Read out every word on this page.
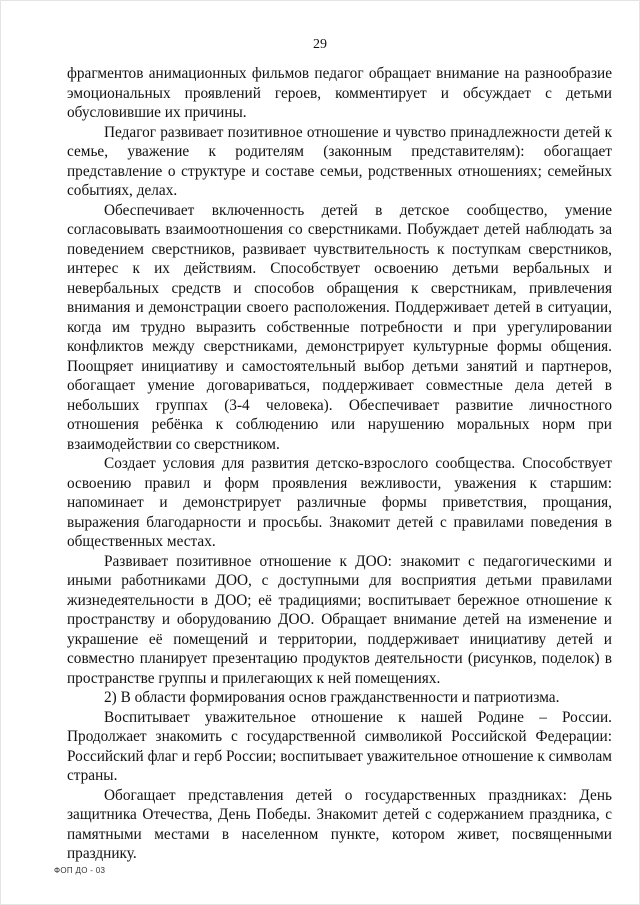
29

фрагментов анимационных фильмов педагог обращает внимание на разнообразие эмоциональных проявлений героев, комментирует и обсуждает с детьми обусловившие их причины.

Педагог развивает позитивное отношение и чувство принадлежности детей к семье, уважение к родителям (законным представителям): обогащает представление о структуре и составе семьи, родственных отношениях; семейных событиях, делах.

Обеспечивает включенность детей в детское сообщество, умение согласовывать взаимоотношения со сверстниками. Побуждает детей наблюдать за поведением сверстников, развивает чувствительность к поступкам сверстников, интерес к их действиям. Способствует освоению детьми вербальных и невербальных средств и способов обращения к сверстникам, привлечения внимания и демонстрации своего расположения. Поддерживает детей в ситуации, когда им трудно выразить собственные потребности и при урегулировании конфликтов между сверстниками, демонстрирует культурные формы общения. Поощряет инициативу и самостоятельный выбор детьми занятий и партнеров, обогащает умение договариваться, поддерживает совместные дела детей в небольших группах (3-4 человека). Обеспечивает развитие личностного отношения ребёнка к соблюдению или нарушению моральных норм при взаимодействии со сверстником.

Создает условия для развития детско-взрослого сообщества. Способствует освоению правил и форм проявления вежливости, уважения к старшим: напоминает и демонстрирует различные формы приветствия, прощания, выражения благодарности и просьбы. Знакомит детей с правилами поведения в общественных местах.

Развивает позитивное отношение к ДОО: знакомит с педагогическими и иными работниками ДОО, с доступными для восприятия детьми правилами жизнедеятельности в ДОО; её традициями; воспитывает бережное отношение к пространству и оборудованию ДОО. Обращает внимание детей на изменение и украшение её помещений и территории, поддерживает инициативу детей и совместно планирует презентацию продуктов деятельности (рисунков, поделок) в пространстве группы и прилегающих к ней помещениях.

2) В области формирования основ гражданственности и патриотизма.

Воспитывает уважительное отношение к нашей Родине – России. Продолжает знакомить с государственной символикой Российской Федерации: Российский флаг и герб России; воспитывает уважительное отношение к символам страны.

Обогащает представления детей о государственных праздниках: День защитника Отечества, День Победы. Знакомит детей с содержанием праздника, с памятными местами в населенном пункте, котором живет, посвященными празднику.

ФОП ДО - 03
